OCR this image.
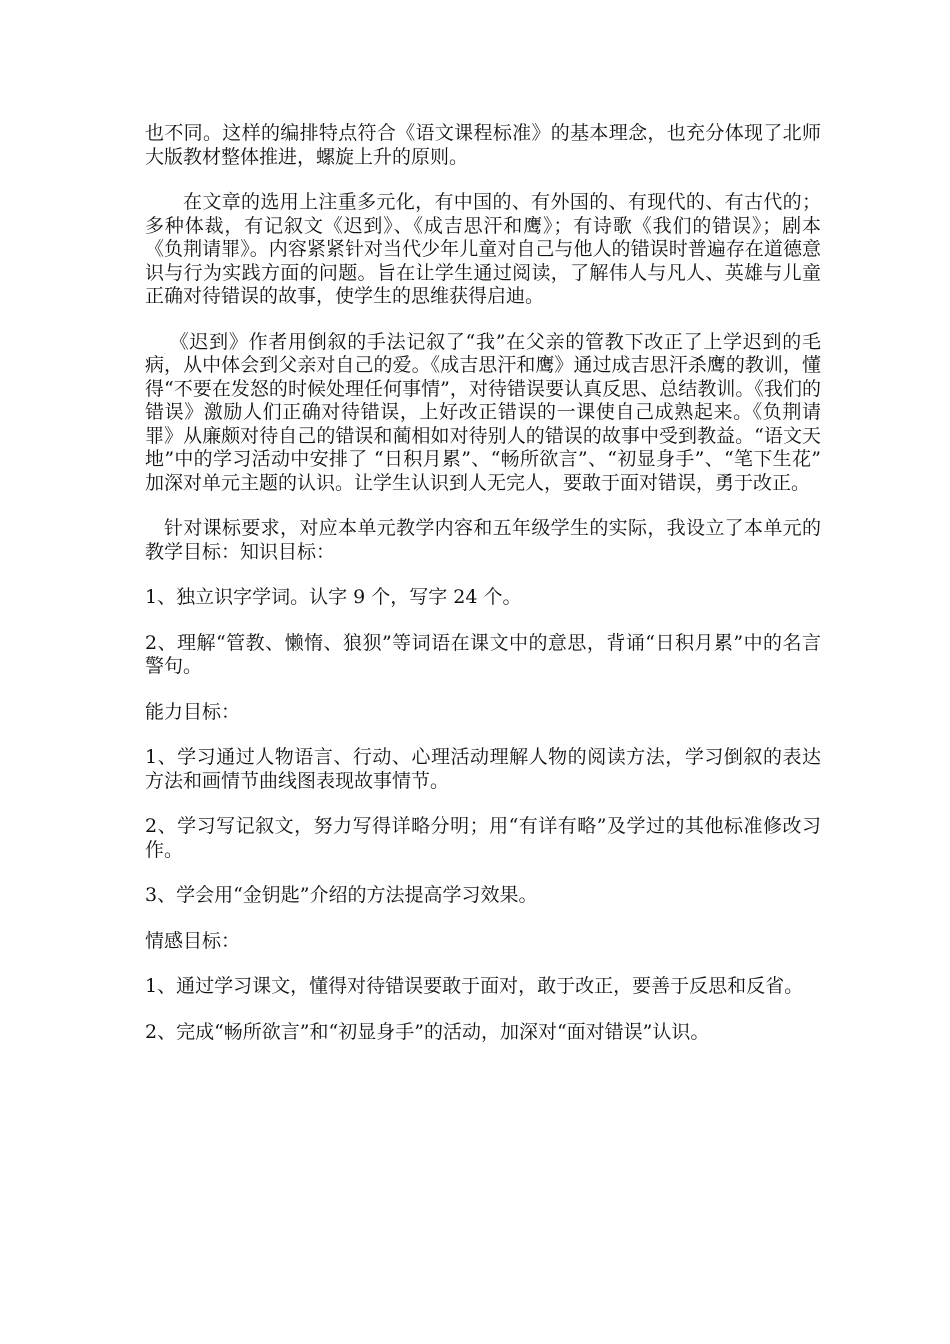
也不同。这样的编排特点符合《语文课程标准》的基本理念，也充分体现了北师大版教材整体推进，螺旋上升的原则。

在文章的选用上注重多元化，有中国的、有外国的、有现代的、有古代的；多种体裁，有记叙文《迟到》、《成吉思汗和鹰》；有诗歌《我们的错误》；剧本《负荆请罪》。内容紧紧针对当代少年儿童对自己与他人的错误时普遍存在道德意识与行为实践方面的问题。旨在让学生通过阅读，了解伟人与凡人、英雄与儿童正确对待错误的故事，使学生的思维获得启迪。

《迟到》作者用倒叙的手法记叙了“我”在父亲的管教下改正了上学迟到的毛病，从中体会到父亲对自己的爱。《成吉思汗和鹰》通过成吉思汗杀鹰的教训，懂得“不要在发怒的时候处理任何事情”，对待错误要认真反思、总结教训。《我们的错误》激励人们正确对待错误，上好改正错误的一课使自己成熟起来。《负荆请罪》从廉颇对待自己的错误和蔺相如对待别人的错误的故事中受到教益。“语文天地”中的学习活动中安排了 “日积月累”、“畅所欲言”、“初显身手”、“笔下生花” 加深对单元主题的认识。让学生认识到人无完人，要敢于面对错误，勇于改正。

针对课标要求，对应本单元教学内容和五年级学生的实际，我设立了本单元的教学目标：知识目标：

1、独立识字学词。认字 9 个，写字 24 个。

2、理解“管教、懒惰、狼狈”等词语在课文中的意思，背诵“日积月累”中的名言警句。

能力目标：

1、学习通过人物语言、行动、心理活动理解人物的阅读方法，学习倒叙的表达方法和画情节曲线图表现故事情节。

2、学习写记叙文，努力写得详略分明；用“有详有略”及学过的其他标准修改习作。

3、学会用“金钥匙”介绍的方法提高学习效果。

情感目标：

1、通过学习课文，懂得对待错误要敢于面对，敢于改正，要善于反思和反省。

2、完成“畅所欲言”和“初显身手”的活动，加深对“面对错误”认识。
